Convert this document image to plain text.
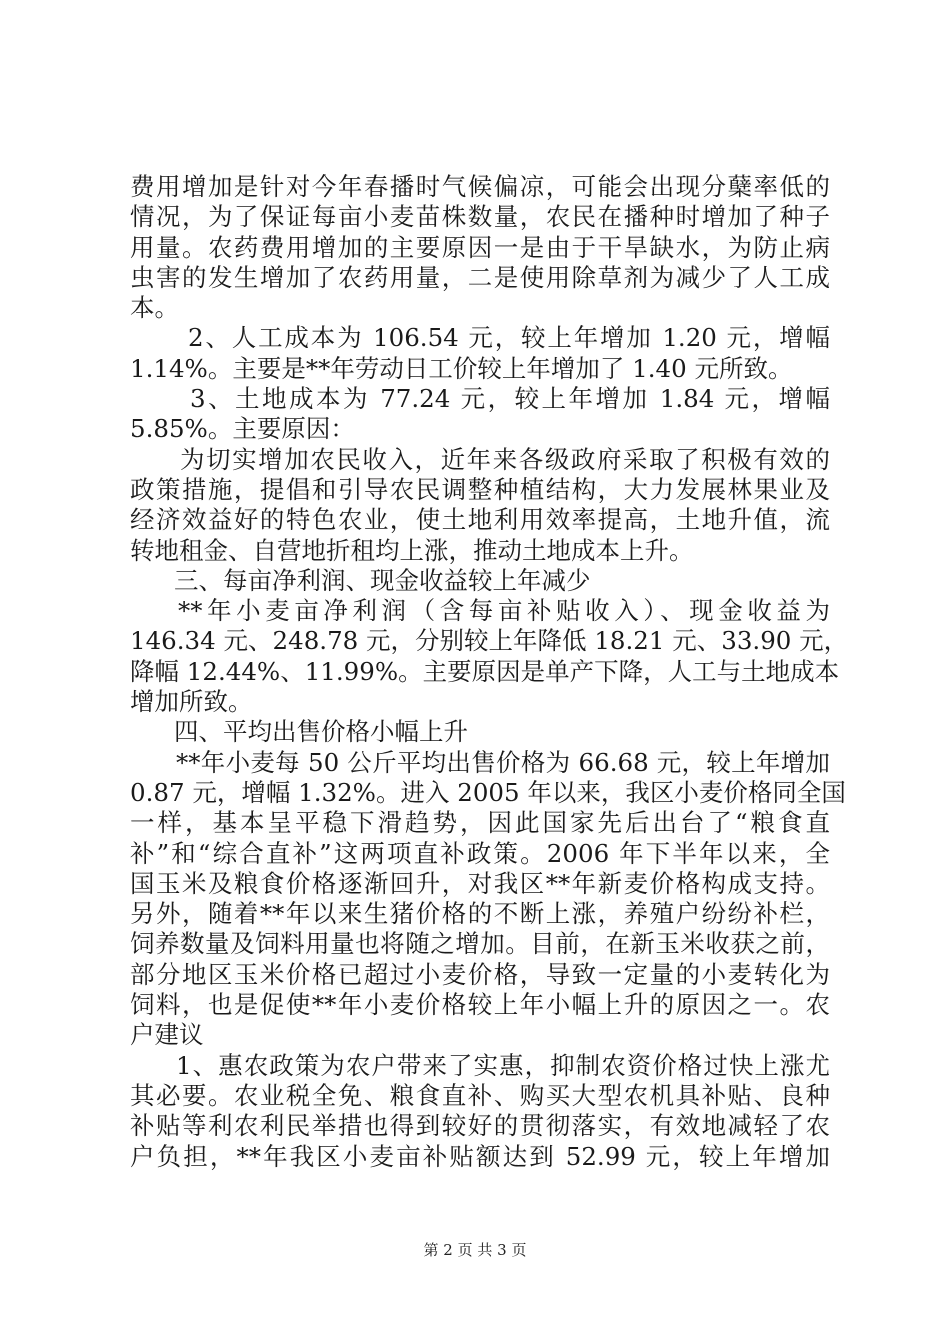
费用增加是针对今年春播时气候偏凉，可能会出现分蘖率低的
情况，为了保证每亩小麦苗株数量，农民在播种时增加了种子
用量。农药费用增加的主要原因一是由于干旱缺水，为防止病
虫害的发生增加了农药用量，二是使用除草剂为减少了人工成
本。
2、人工成本为 106.54 元，较上年增加 1.20 元，增幅
1.14%。主要是**年劳动日工价较上年增加了 1.40 元所致。
3、土地成本为 77.24 元，较上年增加 1.84 元，增幅
5.85%。主要原因：
为切实增加农民收入，近年来各级政府采取了积极有效的
政策措施，提倡和引导农民调整种植结构，大力发展林果业及
经济效益好的特色农业，使土地利用效率提高，土地升值，流
转地租金、自营地折租均上涨，推动土地成本上升。
三、每亩净利润、现金收益较上年减少
**年小麦亩净利润（含每亩补贴收入）、现金收益为
146.34 元、248.78 元，分别较上年降低 18.21 元、33.90 元，
降幅 12.44%、11.99%。主要原因是单产下降，人工与土地成本
增加所致。
四、平均出售价格小幅上升
**年小麦每 50 公斤平均出售价格为 66.68 元，较上年增加
0.87 元，增幅 1.32%。进入 2005 年以来，我区小麦价格同全国
一样，基本呈平稳下滑趋势，因此国家先后出台了“粮食直
补”和“综合直补”这两项直补政策。2006 年下半年以来，全
国玉米及粮食价格逐渐回升，对我区**年新麦价格构成支持。
另外，随着**年以来生猪价格的不断上涨，养殖户纷纷补栏，
饲养数量及饲料用量也将随之增加。目前，在新玉米收获之前，
部分地区玉米价格已超过小麦价格，导致一定量的小麦转化为
饲料，也是促使**年小麦价格较上年小幅上升的原因之一。农
户建议
1、惠农政策为农户带来了实惠，抑制农资价格过快上涨尤
其必要。农业税全免、粮食直补、购买大型农机具补贴、良种
补贴等利农利民举措也得到较好的贯彻落实，有效地减轻了农
户负担，**年我区小麦亩补贴额达到 52.99 元，较上年增加
第 2 页 共 3 页
